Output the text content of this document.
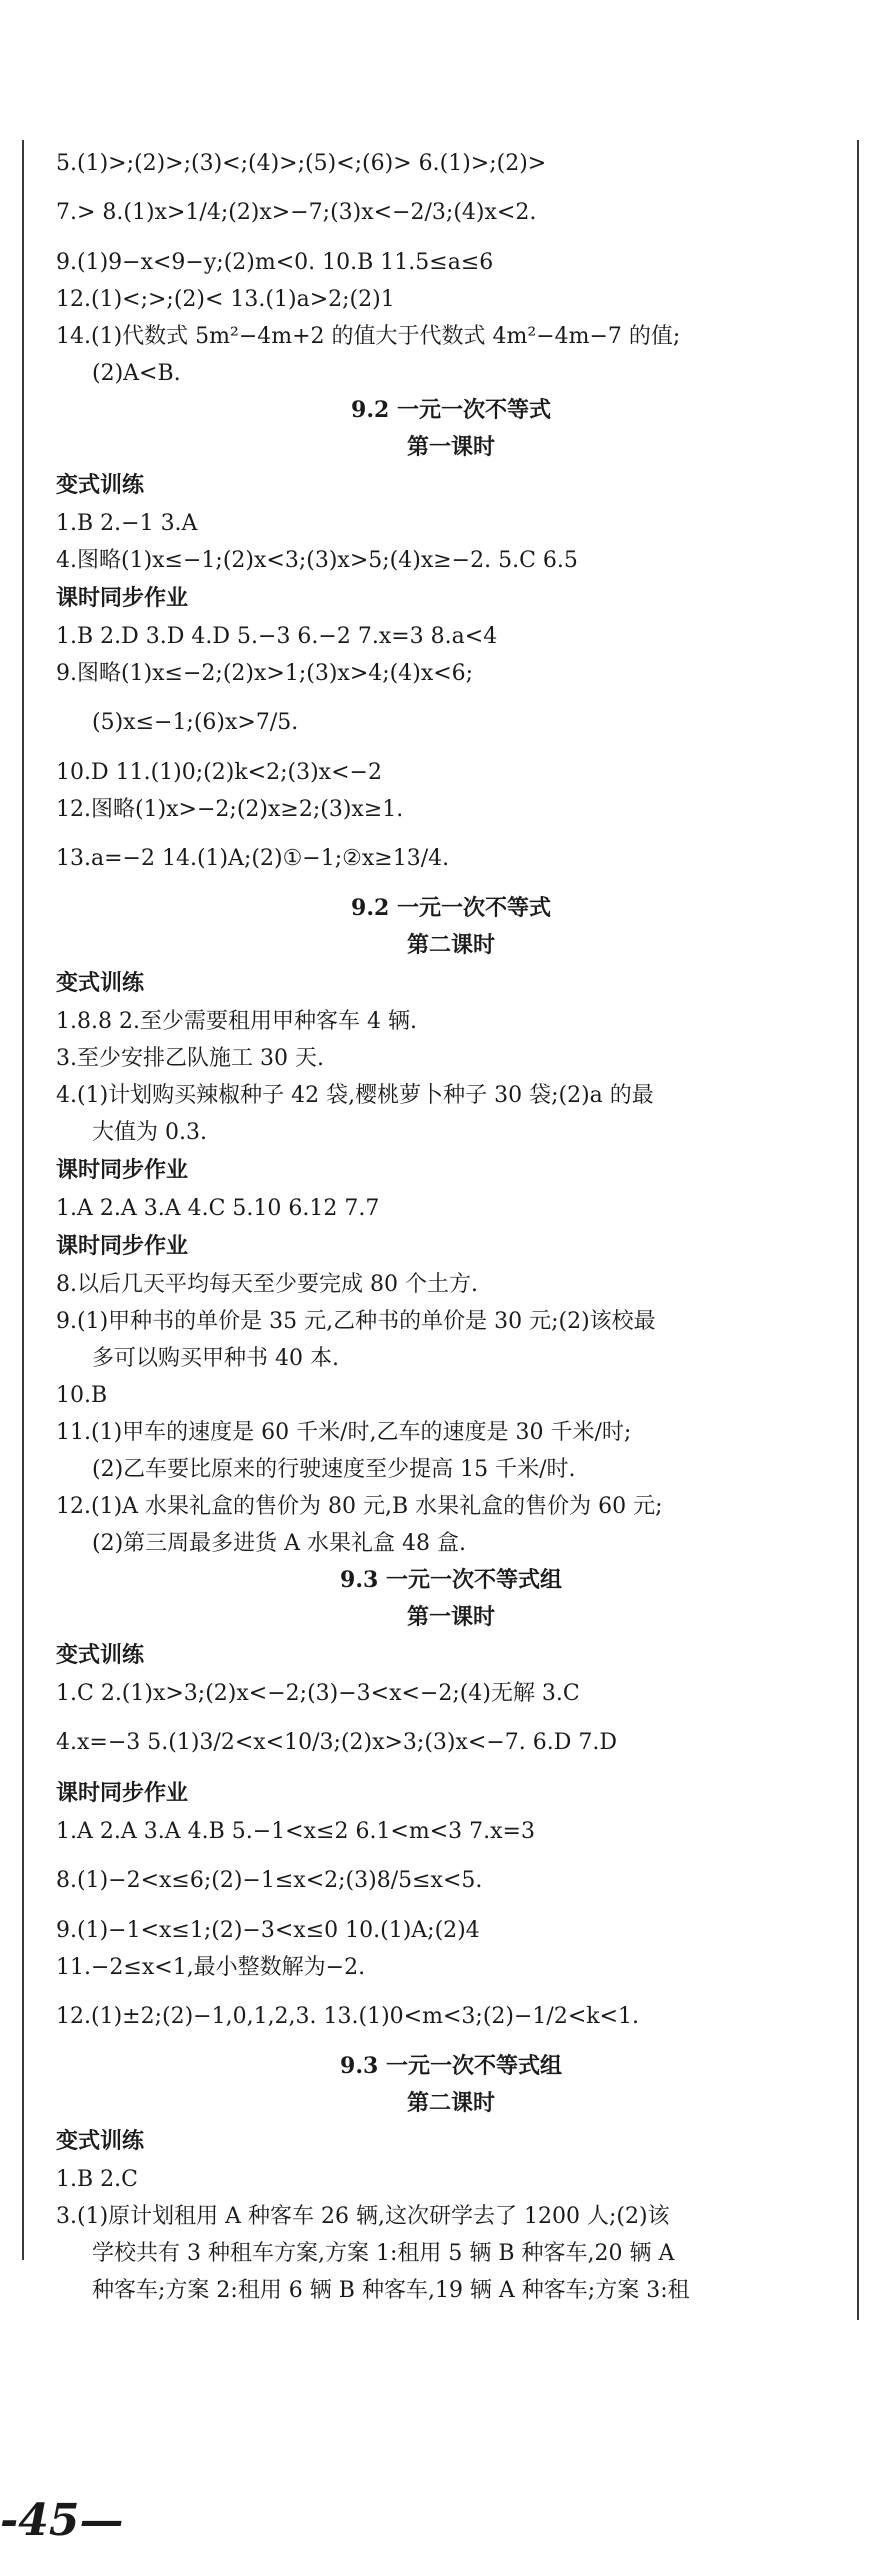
5.(1)>;(2)>;(3)<;(4)>;(5)<;(6)> 6.(1)>;(2)>
7.> 8.(1)x>1/4;(2)x>−7;(3)x<−2/3;(4)x<2.
9.(1)9−x<9−y;(2)m<0. 10.B 11.5≤a≤6
12.(1)<;>;(2)< 13.(1)a>2;(2)1
14.(1)代数式 5m²−4m+2 的值大于代数式 4m²−4m−7 的值;
(2)A<B.
9.2 一元一次不等式
第一课时
变式训练
1.B 2.−1 3.A
4.图略(1)x≤−1;(2)x<3;(3)x>5;(4)x≥−2. 5.C 6.5
课时同步作业
1.B 2.D 3.D 4.D 5.−3 6.−2 7.x=3 8.a<4
9.图略(1)x≤−2;(2)x>1;(3)x>4;(4)x<6;
(5)x≤−1;(6)x>7/5.
10.D 11.(1)0;(2)k<2;(3)x<−2
12.图略(1)x>−2;(2)x≥2;(3)x≥1.
13.a=−2 14.(1)A;(2)①−1;②x≥13/4.
9.2 一元一次不等式
第二课时
变式训练
1.8.8 2.至少需要租用甲种客车 4 辆.
3.至少安排乙队施工 30 天.
4.(1)计划购买辣椒种子 42 袋,樱桃萝卜种子 30 袋;(2)a 的最
大值为 0.3.
课时同步作业
1.A 2.A 3.A 4.C 5.10 6.12 7.7
课时同步作业
8.以后几天平均每天至少要完成 80 个土方.
9.(1)甲种书的单价是 35 元,乙种书的单价是 30 元;(2)该校最
多可以购买甲种书 40 本.
10.B
11.(1)甲车的速度是 60 千米/时,乙车的速度是 30 千米/时;
(2)乙车要比原来的行驶速度至少提高 15 千米/时.
12.(1)A 水果礼盒的售价为 80 元,B 水果礼盒的售价为 60 元;
(2)第三周最多进货 A 水果礼盒 48 盒.
9.3 一元一次不等式组
第一课时
变式训练
1.C 2.(1)x>3;(2)x<−2;(3)−3<x<−2;(4)无解 3.C
4.x=−3 5.(1)3/2<x<10/3;(2)x>3;(3)x<−7. 6.D 7.D
课时同步作业
1.A 2.A 3.A 4.B 5.−1<x≤2 6.1<m<3 7.x=3
8.(1)−2<x≤6;(2)−1≤x<2;(3)8/5≤x<5.
9.(1)−1<x≤1;(2)−3<x≤0 10.(1)A;(2)4
11.−2≤x<1,最小整数解为−2.
12.(1)±2;(2)−1,0,1,2,3. 13.(1)0<m<3;(2)−1/2<k<1.
9.3 一元一次不等式组
第二课时
变式训练
1.B 2.C
3.(1)原计划租用 A 种客车 26 辆,这次研学去了 1200 人;(2)该
学校共有 3 种租车方案,方案 1:租用 5 辆 B 种客车,20 辆 A
种客车;方案 2:租用 6 辆 B 种客车,19 辆 A 种客车;方案 3:租
-45—
